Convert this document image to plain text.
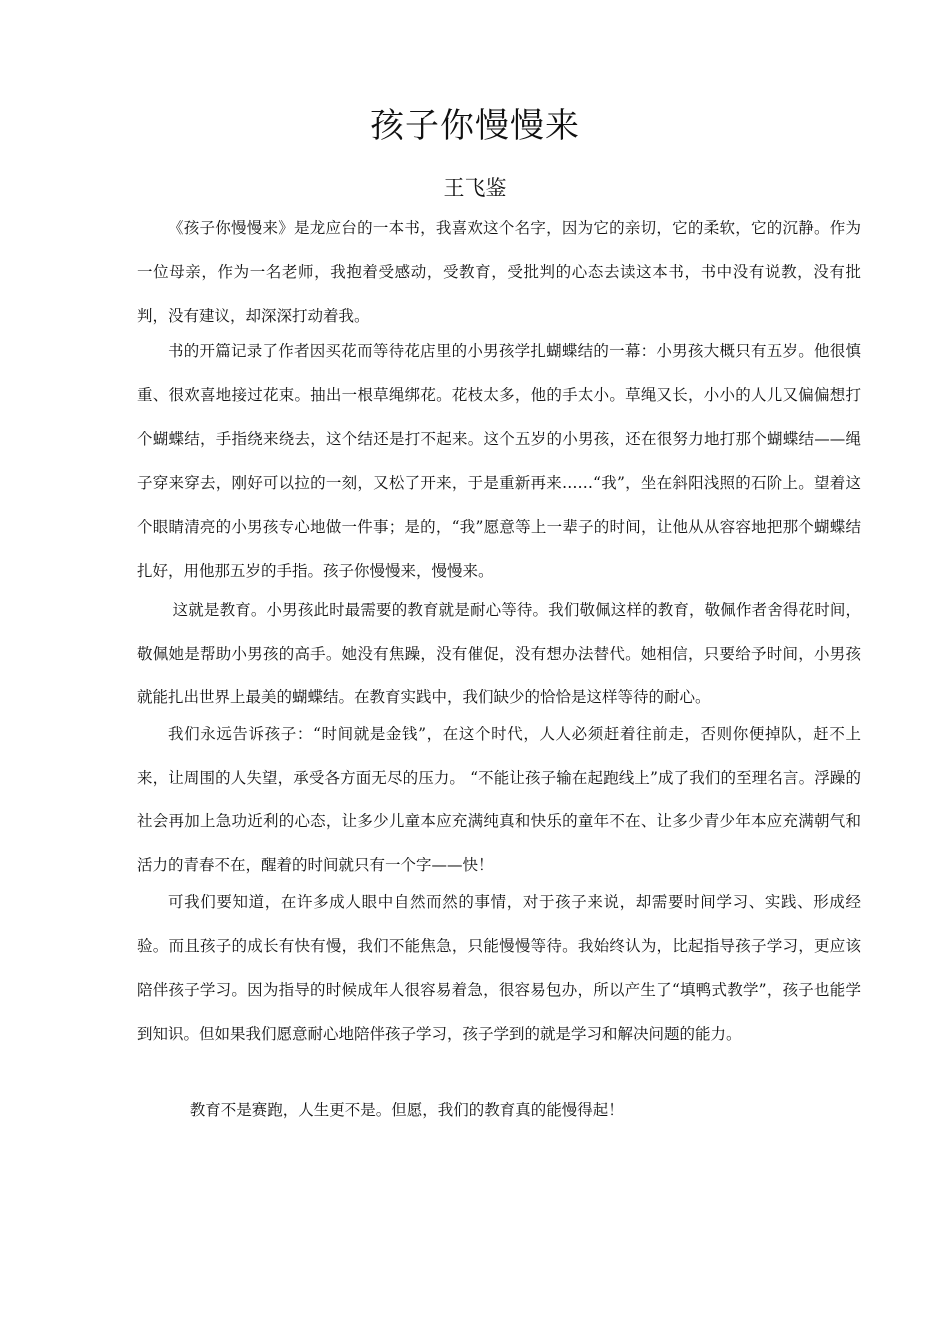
孩子你慢慢来
王飞鉴

《孩子你慢慢来》是龙应台的一本书，我喜欢这个名字，因为它的亲切，它的柔软，它的沉静。作为一位母亲，作为一名老师，我抱着受感动，受教育，受批判的心态去读这本书，书中没有说教，没有批判，没有建议，却深深打动着我。

书的开篇记录了作者因买花而等待花店里的小男孩学扎蝴蝶结的一幕：小男孩大概只有五岁。他很慎重、很欢喜地接过花束。抽出一根草绳绑花。花枝太多，他的手太小。草绳又长，小小的人儿又偏偏想打个蝴蝶结，手指绕来绕去，这个结还是打不起来。这个五岁的小男孩，还在很努力地打那个蝴蝶结——绳子穿来穿去，刚好可以拉的一刻，又松了开来，于是重新再来……“我”，坐在斜阳浅照的石阶上。望着这个眼睛清亮的小男孩专心地做一件事；是的，“我”愿意等上一辈子的时间，让他从从容容地把那个蝴蝶结扎好，用他那五岁的手指。孩子你慢慢来，慢慢来。

这就是教育。小男孩此时最需要的教育就是耐心等待。我们敬佩这样的教育，敬佩作者舍得花时间，敬佩她是帮助小男孩的高手。她没有焦躁，没有催促，没有想办法替代。她相信，只要给予时间，小男孩就能扎出世界上最美的蝴蝶结。在教育实践中，我们缺少的恰恰是这样等待的耐心。

我们永远告诉孩子：“时间就是金钱”，在这个时代，人人必须赶着往前走，否则你便掉队，赶不上来，让周围的人失望，承受各方面无尽的压力。 “不能让孩子输在起跑线上”成了我们的至理名言。浮躁的社会再加上急功近利的心态，让多少儿童本应充满纯真和快乐的童年不在、让多少青少年本应充满朝气和活力的青春不在，醒着的时间就只有一个字——快！

可我们要知道，在许多成人眼中自然而然的事情，对于孩子来说，却需要时间学习、实践、形成经验。而且孩子的成长有快有慢，我们不能焦急，只能慢慢等待。我始终认为，比起指导孩子学习，更应该陪伴孩子学习。因为指导的时候成年人很容易着急，很容易包办，所以产生了“填鸭式教学”，孩子也能学到知识。但如果我们愿意耐心地陪伴孩子学习，孩子学到的就是学习和解决问题的能力。

教育不是赛跑，人生更不是。但愿，我们的教育真的能慢得起！
